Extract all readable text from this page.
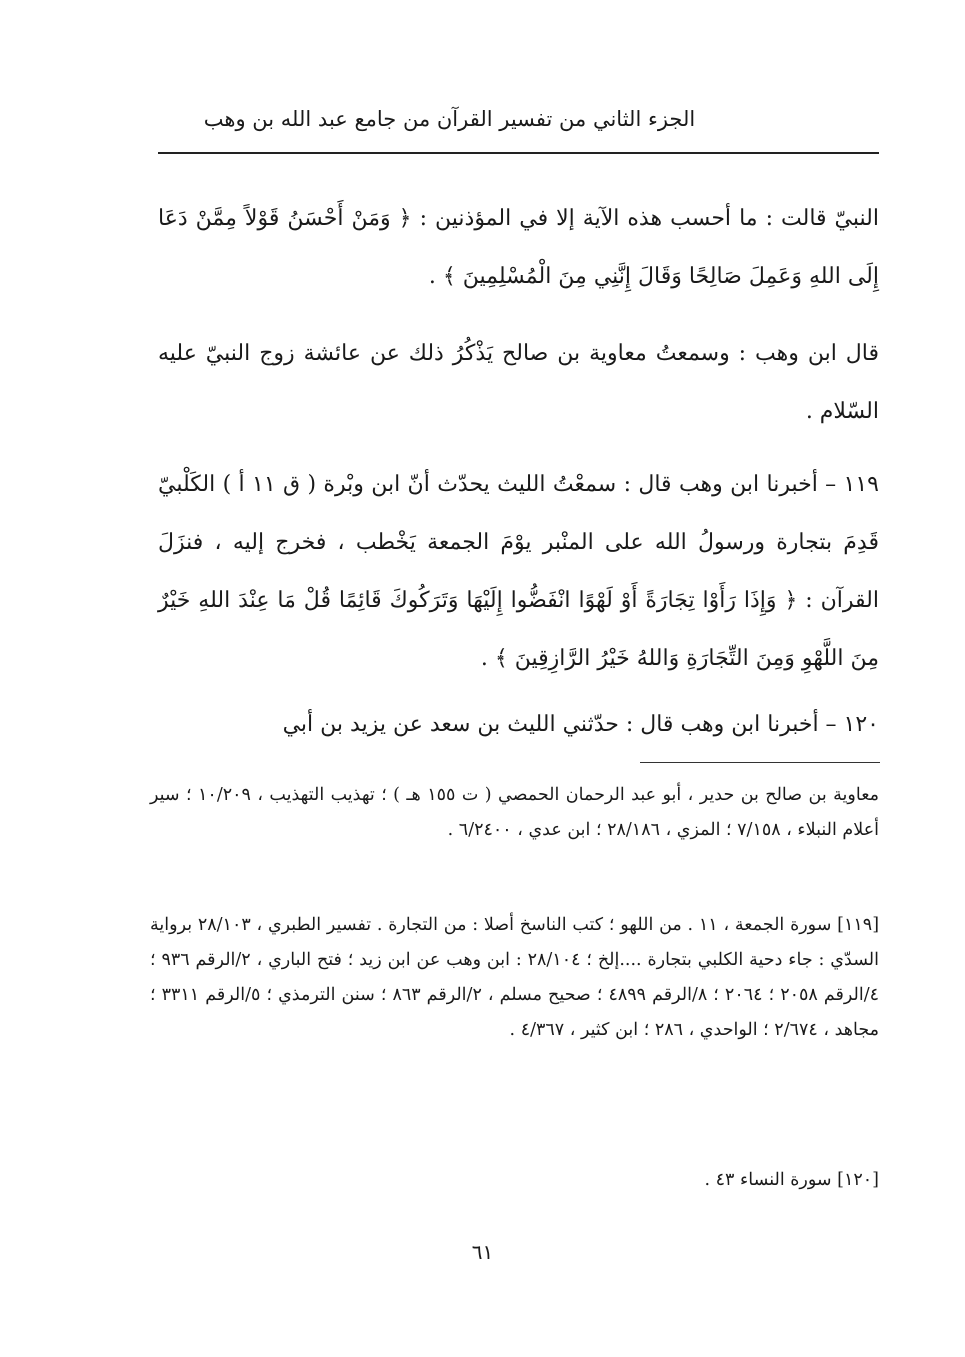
الجزء الثاني من تفسير القرآن من جامع عبد الله بن وهب

النبيّ قالت : ما أحسب هذه الآية إلا في المؤذنين : ﴿ وَمَنْ أَحْسَنُ قَوْلاً مِمَّنْ دَعَا إِلَى اللهِ وَعَمِلَ صَالِحًا وَقَالَ إِنَّنِي مِنَ الْمُسْلِمِينَ ﴾ .

قال ابن وهب : وسمعتُ معاوية بن صالح يَذْكُرُ ذلك عن عائشة زوج النبيّ عليه السّلام .

١١٩ – أخبرنا ابن وهب قال : سمعْتُ الليث يحدّث أنّ ابن وبْرة ( ق ١١ أ ) الكَلْبيّ قَدِمَ بتجارة ورسولُ الله على المنْبر يوْمَ الجمعة يَخْطب ، فخرج إليه ، فنزَلَ القرآن : ﴿ وَإِذَا رَأَوْا تِجَارَةً أَوْ لَهْوًا انْفَضُّوا إِلَيْهَا وَتَرَكُوكَ قَائِمًا قُلْ مَا عِنْدَ اللهِ خَيْرٌ مِنَ اللَّهْوِ وَمِنَ التِّجَارَةِ وَاللهُ خَيْرُ الرَّازِقِينَ ﴾ .

١٢٠ – أخبرنا ابن وهب قال : حدّثني الليث بن سعد عن يزيد بن أبي

معاوية بن صالح بن حدير ، أبو عبد الرحمان الحمصي ( ت ١٥٥ هـ ) ؛ تهذيب التهذيب ، ١٠/٢٠٩ ؛ سير أعلام النبلاء ، ٧/١٥٨ ؛ المزي ، ٢٨/١٨٦ ؛ ابن عدي ، ٦/٢٤٠٠ .

[١١٩] سورة الجمعة ، ١١ . من اللهو ؛ كتب الناسخ أصلا : من التجارة . تفسير الطبري ، ٢٨/١٠٣ برواية السدّي : جاء دحية الكلبي بتجارة ....إلخ ؛ ٢٨/١٠٤ : ابن وهب عن ابن زيد ؛ فتح الباري ، ٢/الرقم ٩٣٦ ؛ ٤/الرقم ٢٠٥٨ ؛ ٢٠٦٤ ؛ ٨/الرقم ٤٨٩٩ ؛ صحيح مسلم ، ٢/الرقم ٨٦٣ ؛ سنن الترمذي ؛ ٥/الرقم ٣٣١١ ؛ مجاهد ، ٢/٦٧٤ ؛ الواحدي ، ٢٨٦ ؛ ابن كثير ، ٤/٣٦٧ .

[١٢٠] سورة النساء ٤٣ .

٦١
